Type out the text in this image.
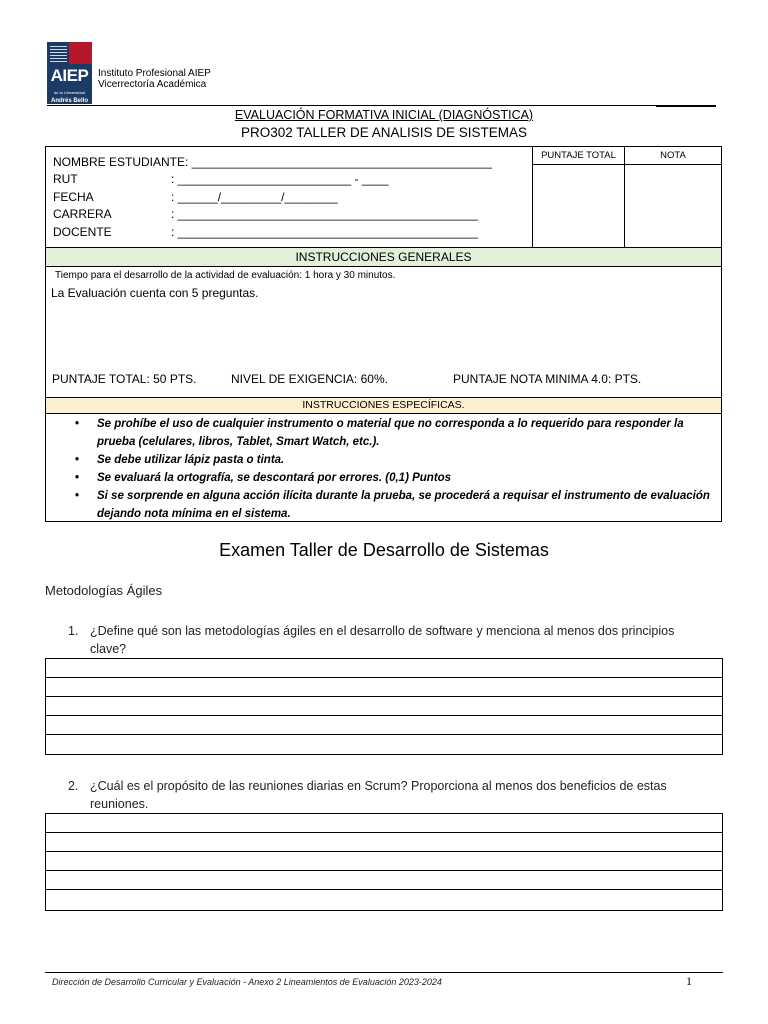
AIEP
de la Universidad
Andrés Bello
Instituto Profesional AIEP
Vicerrectoría Académica
EVALUACIÓN FORMATIVA INICIAL (DIAGNÓSTICA)
PRO302 TALLER DE ANALISIS DE SISTEMAS
PUNTAJE TOTAL	NOTA
NOMBRE ESTUDIANTE: _____________________________________________
RUT	: __________________________ - ____
FECHA	: ______/_________/________
CARRERA	: _____________________________________________
DOCENTE	: _____________________________________________
INSTRUCCIONES GENERALES
Tiempo para el desarrollo de la actividad de evaluación: 1 hora y 30 minutos.
La Evaluación cuenta con 5 preguntas.
PUNTAJE TOTAL: 50 PTS.	NIVEL DE EXIGENCIA: 60%.	PUNTAJE NOTA MINIMA 4.0: PTS.
INSTRUCCIONES ESPECÍFICAS.
• Se prohíbe el uso de cualquier instrumento o material que no corresponda a lo requerido para responder la
prueba (celulares, libros, Tablet, Smart Watch, etc.).
• Se debe utilizar lápiz pasta o tinta.
• Se evaluará la ortografía, se descontará por errores. (0,1) Puntos
• Si se sorprende en alguna acción ilícita durante la prueba, se procederá a requisar el instrumento de evaluación
dejando nota mínima en el sistema.
Examen Taller de Desarrollo de Sistemas
Metodologías Ágiles
1. ¿Define qué son las metodologías ágiles en el desarrollo de software y menciona al menos dos principios
clave?
2. ¿Cuál es el propósito de las reuniones diarias en Scrum? Proporciona al menos dos beneficios de estas
reuniones.
Dirección de Desarrollo Curricular y Evaluación - Anexo 2 Lineamientos de Evaluación 2023-2024	1
